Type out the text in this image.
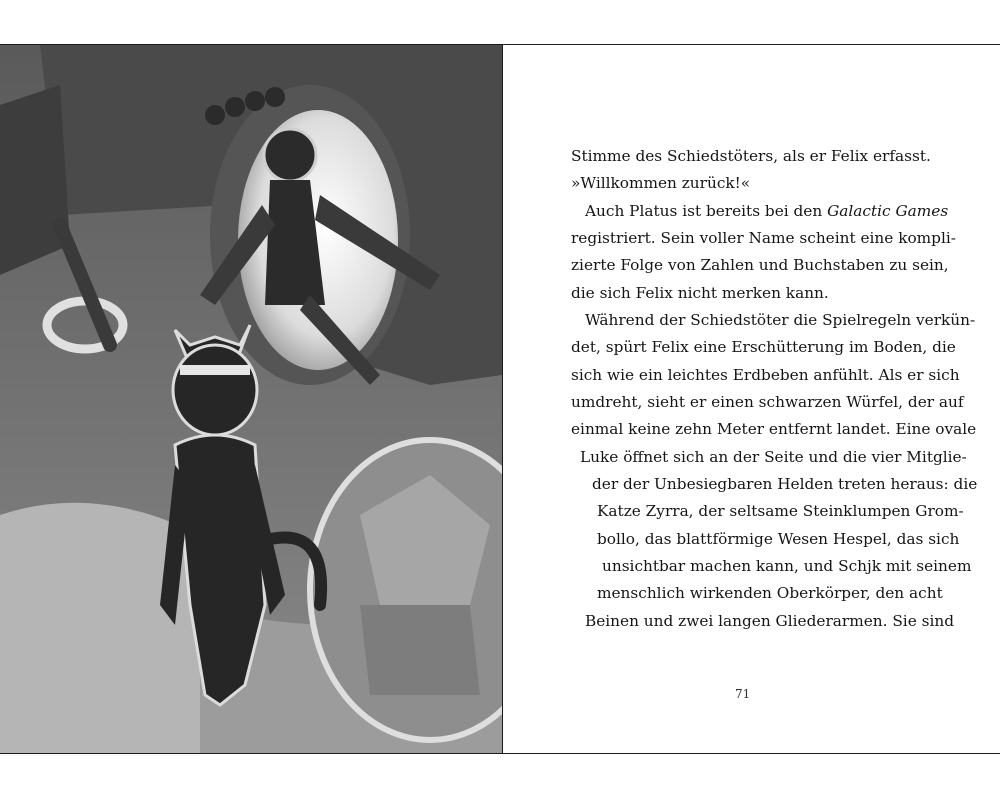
Stimme des Schiedstöters, als er Felix erfasst.
»Willkommen zurück!«
Auch Platus ist bereits bei den Galactic Games
registriert. Sein voller Name scheint eine kompli-
zierte Folge von Zahlen und Buchstaben zu sein,
die sich Felix nicht merken kann.
Während der Schiedstöter die Spielregeln verkün-
det, spürt Felix eine Erschütterung im Boden, die
sich wie ein leichtes Erdbeben anfühlt. Als er sich
umdreht, sieht er einen schwarzen Würfel, der auf
einmal keine zehn Meter entfernt landet. Eine ovale
Luke öffnet sich an der Seite und die vier Mitglie-
der der Unbesiegbaren Helden treten heraus: die
Katze Zyrra, der seltsame Steinklumpen Grom-
bollo, das blattförmige Wesen Hespel, das sich
unsichtbar machen kann, und Schjk mit seinem
menschlich wirkenden Oberkörper, den acht
Beinen und zwei langen Gliederarmen. Sie sind
71
